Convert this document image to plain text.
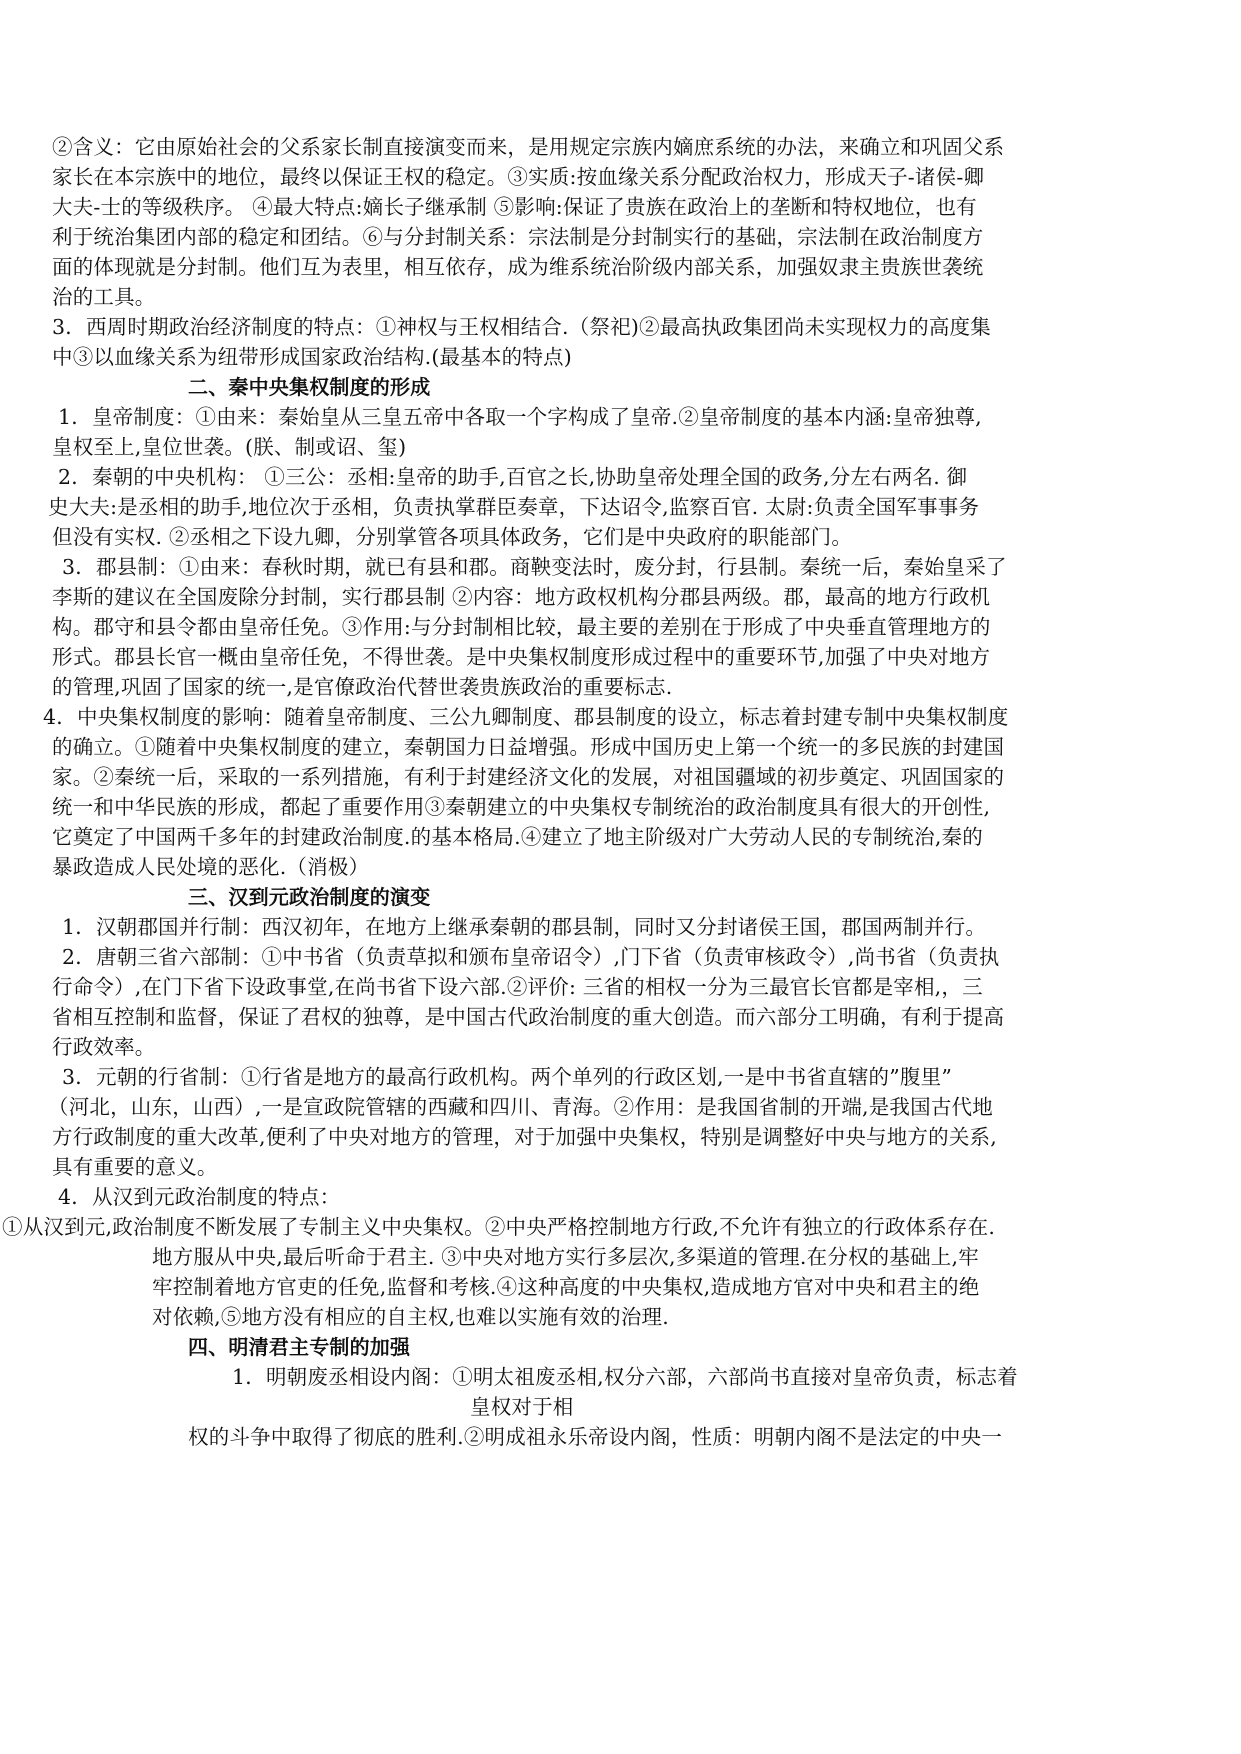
②含义：它由原始社会的父系家长制直接演变而来，是用规定宗族内嫡庶系统的办法，来确立和巩固父系
家长在本宗族中的地位，最终以保证王权的稳定。③实质:按血缘关系分配政治权力，形成天子-诸侯-卿
大夫-士的等级秩序。 ④最大特点:嫡长子继承制 ⑤影响:保证了贵族在政治上的垄断和特权地位，也有
利于统治集团内部的稳定和团结。⑥与分封制关系：宗法制是分封制实行的基础，宗法制在政治制度方
面的体现就是分封制。他们互为表里，相互依存，成为维系统治阶级内部关系，加强奴隶主贵族世袭统
治的工具。
3．西周时期政治经济制度的特点：①神权与王权相结合.（祭祀)②最高执政集团尚未实现权力的高度集
中③以血缘关系为纽带形成国家政治结构.(最基本的特点)
二、秦中央集权制度的形成
1．皇帝制度：①由来：秦始皇从三皇五帝中各取一个字构成了皇帝.②皇帝制度的基本内涵:皇帝独尊,
皇权至上,皇位世袭。(朕、制或诏、玺)
2．秦朝的中央机构： ①三公：丞相:皇帝的助手,百官之长,协助皇帝处理全国的政务,分左右两名. 御
史大夫:是丞相的助手,地位次于丞相，负责执掌群臣奏章，下达诏令,监察百官. 太尉:负责全国军事事务
但没有实权. ②丞相之下设九卿，分别掌管各项具体政务，它们是中央政府的职能部门。
3．郡县制：①由来：春秋时期，就已有县和郡。商鞅变法时，废分封，行县制。秦统一后，秦始皇采了
李斯的建议在全国废除分封制，实行郡县制 ②内容：地方政权机构分郡县两级。郡，最高的地方行政机
构。郡守和县令都由皇帝任免。③作用:与分封制相比较，最主要的差别在于形成了中央垂直管理地方的
形式。郡县长官一概由皇帝任免，不得世袭。是中央集权制度形成过程中的重要环节,加强了中央对地方
的管理,巩固了国家的统一,是官僚政治代替世袭贵族政治的重要标志.
4．中央集权制度的影响：随着皇帝制度、三公九卿制度、郡县制度的设立，标志着封建专制中央集权制度
的确立。①随着中央集权制度的建立，秦朝国力日益增强。形成中国历史上第一个统一的多民族的封建国
家。②秦统一后，采取的一系列措施，有利于封建经济文化的发展，对祖国疆域的初步奠定、巩固国家的
统一和中华民族的形成，都起了重要作用③秦朝建立的中央集权专制统治的政治制度具有很大的开创性,
它奠定了中国两千多年的封建政治制度.的基本格局.④建立了地主阶级对广大劳动人民的专制统治,秦的
暴政造成人民处境的恶化.（消极）
三、汉到元政治制度的演变
1．汉朝郡国并行制：西汉初年，在地方上继承秦朝的郡县制，同时又分封诸侯王国，郡国两制并行。
2．唐朝三省六部制：①中书省（负责草拟和颁布皇帝诏令）,门下省（负责审核政令）,尚书省（负责执
行命令）,在门下省下设政事堂,在尚书省下设六部.②评价: 三省的相权一分为三最官长官都是宰相,，三
省相互控制和监督，保证了君权的独尊，是中国古代政治制度的重大创造。而六部分工明确，有利于提高
行政效率。
3．元朝的行省制：①行省是地方的最高行政机构。两个单列的行政区划,一是中书省直辖的”腹里”
（河北，山东，山西）,一是宣政院管辖的西藏和四川、青海。②作用：是我国省制的开端,是我国古代地
方行政制度的重大改革,便利了中央对地方的管理，对于加强中央集权，特别是调整好中央与地方的关系,
具有重要的意义。
4．从汉到元政治制度的特点：
①从汉到元,政治制度不断发展了专制主义中央集权。②中央严格控制地方行政,不允许有独立的行政体系存在.
地方服从中央,最后听命于君主. ③中央对地方实行多层次,多渠道的管理.在分权的基础上,牢
牢控制着地方官吏的任免,监督和考核.④这种高度的中央集权,造成地方官对中央和君主的绝
对依赖,⑤地方没有相应的自主权,也难以实施有效的治理.
四、明清君主专制的加强
1．明朝废丞相设内阁：①明太祖废丞相,权分六部，六部尚书直接对皇帝负责，标志着
皇权对于相
权的斗争中取得了彻底的胜利.②明成祖永乐帝设内阁，性质：明朝内阁不是法定的中央一
